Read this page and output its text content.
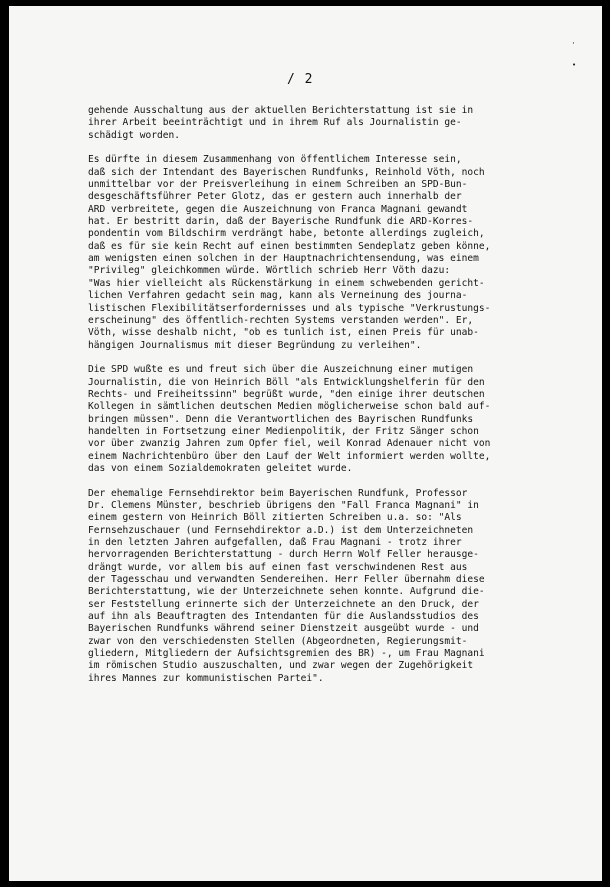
·
•
/ 2
gehende Ausschaltung aus der aktuellen Berichterstattung ist sie in
ihrer Arbeit beeinträchtigt und in ihrem Ruf als Journalistin ge-
schädigt worden.
Es dürfte in diesem Zusammenhang von öffentlichem Interesse sein,
daß sich der Intendant des Bayerischen Rundfunks, Reinhold Vöth, noch
unmittelbar vor der Preisverleihung in einem Schreiben an SPD-Bun-
desgeschäftsführer Peter Glotz, das er gestern auch innerhalb der
ARD verbreitete, gegen die Auszeichnung von Franca Magnani gewandt
hat. Er bestritt darin, daß der Bayerische Rundfunk die ARD-Korres-
pondentin vom Bildschirm verdrängt habe, betonte allerdings zugleich,
daß es für sie kein Recht auf einen bestimmten Sendeplatz geben könne,
am wenigsten einen solchen in der Hauptnachrichtensendung, was einem
"Privileg" gleichkommen würde. Wörtlich schrieb Herr Vöth dazu:
"Was hier vielleicht als Rückenstärkung in einem schwebenden gericht-
lichen Verfahren gedacht sein mag, kann als Verneinung des journa-
listischen Flexibilitätserfordernisses und als typische "Verkrustungs-
erscheinung" des öffentlich-rechten Systems verstanden werden". Er,
Vöth, wisse deshalb nicht, "ob es tunlich ist, einen Preis für unab-
hängigen Journalismus mit dieser Begründung zu verleihen".
Die SPD wußte es und freut sich über die Auszeichnung einer mutigen
Journalistin, die von Heinrich Böll "als Entwicklungshelferin für den
Rechts- und Freiheitssinn" begrüßt wurde, "den einige ihrer deutschen
Kollegen in sämtlichen deutschen Medien möglicherweise schon bald auf-
bringen müssen". Denn die Verantwortlichen des Bayrischen Rundfunks
handelten in Fortsetzung einer Medienpolitik, der Fritz Sänger schon
vor über zwanzig Jahren zum Opfer fiel, weil Konrad Adenauer nicht von
einem Nachrichtenbüro über den Lauf der Welt informiert werden wollte,
das von einem Sozialdemokraten geleitet wurde.
Der ehemalige Fernsehdirektor beim Bayerischen Rundfunk, Professor
Dr. Clemens Münster, beschrieb übrigens den "Fall Franca Magnani" in
einem gestern von Heinrich Böll zitierten Schreiben u.a. so: "Als
Fernsehzuschauer (und Fernsehdirektor a.D.) ist dem Unterzeichneten
in den letzten Jahren aufgefallen, daß Frau Magnani - trotz ihrer
hervorragenden Berichterstattung - durch Herrn Wolf Feller herausge-
drängt wurde, vor allem bis auf einen fast verschwindenen Rest aus
der Tagesschau und verwandten Sendereihen. Herr Feller übernahm diese
Berichterstattung, wie der Unterzeichnete sehen konnte. Aufgrund die-
ser Feststellung erinnerte sich der Unterzeichnete an den Druck, der
auf ihn als Beauftragten des Intendanten für die Auslandsstudios des
Bayerischen Rundfunks während seiner Dienstzeit ausgeübt wurde - und
zwar von den verschiedensten Stellen (Abgeordneten, Regierungsmit-
gliedern, Mitgliedern der Aufsichtsgremien des BR) -, um Frau Magnani
im römischen Studio auszuschalten, und zwar wegen der Zugehörigkeit
ihres Mannes zur kommunistischen Partei".
